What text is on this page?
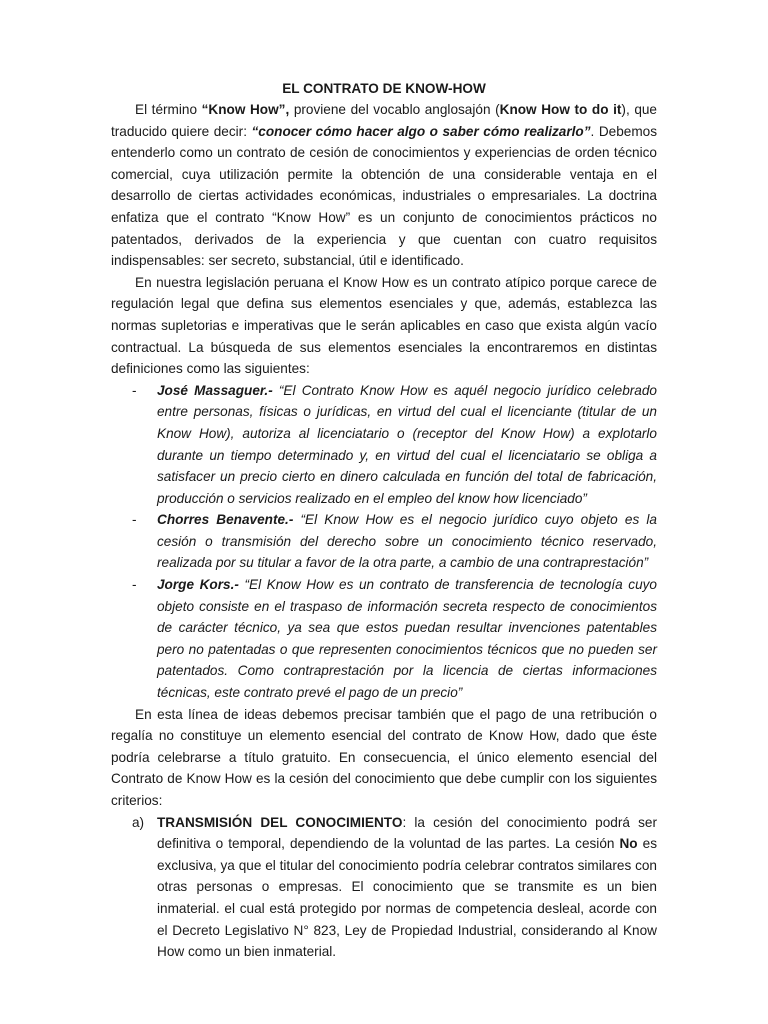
EL CONTRATO DE KNOW-HOW

El término “Know How”, proviene del vocablo anglosajón (Know How to do it), que traducido quiere decir: “conocer cómo hacer algo o saber cómo realizarlo”. Debemos entenderlo como un contrato de cesión de conocimientos y experiencias de orden técnico comercial, cuya utilización permite la obtención de una considerable ventaja en el desarrollo de ciertas actividades económicas, industriales o empresariales. La doctrina enfatiza que el contrato “Know How” es un conjunto de conocimientos prácticos no patentados, derivados de la experiencia y que cuentan con cuatro requisitos indispensables: ser secreto, substancial, útil e identificado.

En nuestra legislación peruana el Know How es un contrato atípico porque carece de regulación legal que defina sus elementos esenciales y que, además, establezca las normas supletorias e imperativas que le serán aplicables en caso que exista algún vacío contractual. La búsqueda de sus elementos esenciales la encontraremos en distintas definiciones como las siguientes:

- José Massaguer.- “El Contrato Know How es aquél negocio jurídico celebrado entre personas, físicas o jurídicas, en virtud del cual el licenciante (titular de un Know How), autoriza al licenciatario o (receptor del Know How) a explotarlo durante un tiempo determinado y, en virtud del cual el licenciatario se obliga a satisfacer un precio cierto en dinero calculada en función del total de fabricación, producción o servicios realizado en el empleo del know how licenciado”
- Chorres Benavente.- “El Know How es el negocio jurídico cuyo objeto es la cesión o transmisión del derecho sobre un conocimiento técnico reservado, realizada por su titular a favor de la otra parte, a cambio de una contraprestación”
- Jorge Kors.- “El Know How es un contrato de transferencia de tecnología cuyo objeto consiste en el traspaso de información secreta respecto de conocimientos de carácter técnico, ya sea que estos puedan resultar invenciones patentables pero no patentadas o que representen conocimientos técnicos que no pueden ser patentados. Como contraprestación por la licencia de ciertas informaciones técnicas, este contrato prevé el pago de un precio”

En esta línea de ideas debemos precisar también que el pago de una retribución o regalía no constituye un elemento esencial del contrato de Know How, dado que éste podría celebrarse a título gratuito. En consecuencia, el único elemento esencial del Contrato de Know How es la cesión del conocimiento que debe cumplir con los siguientes criterios:

a) TRANSMISIÓN DEL CONOCIMIENTO: la cesión del conocimiento podrá ser definitiva o temporal, dependiendo de la voluntad de las partes. La cesión No es exclusiva, ya que el titular del conocimiento podría celebrar contratos similares con otras personas o empresas. El conocimiento que se transmite es un bien inmaterial. el cual está protegido por normas de competencia desleal, acorde con el Decreto Legislativo N° 823, Ley de Propiedad Industrial, considerando al Know How como un bien inmaterial.
